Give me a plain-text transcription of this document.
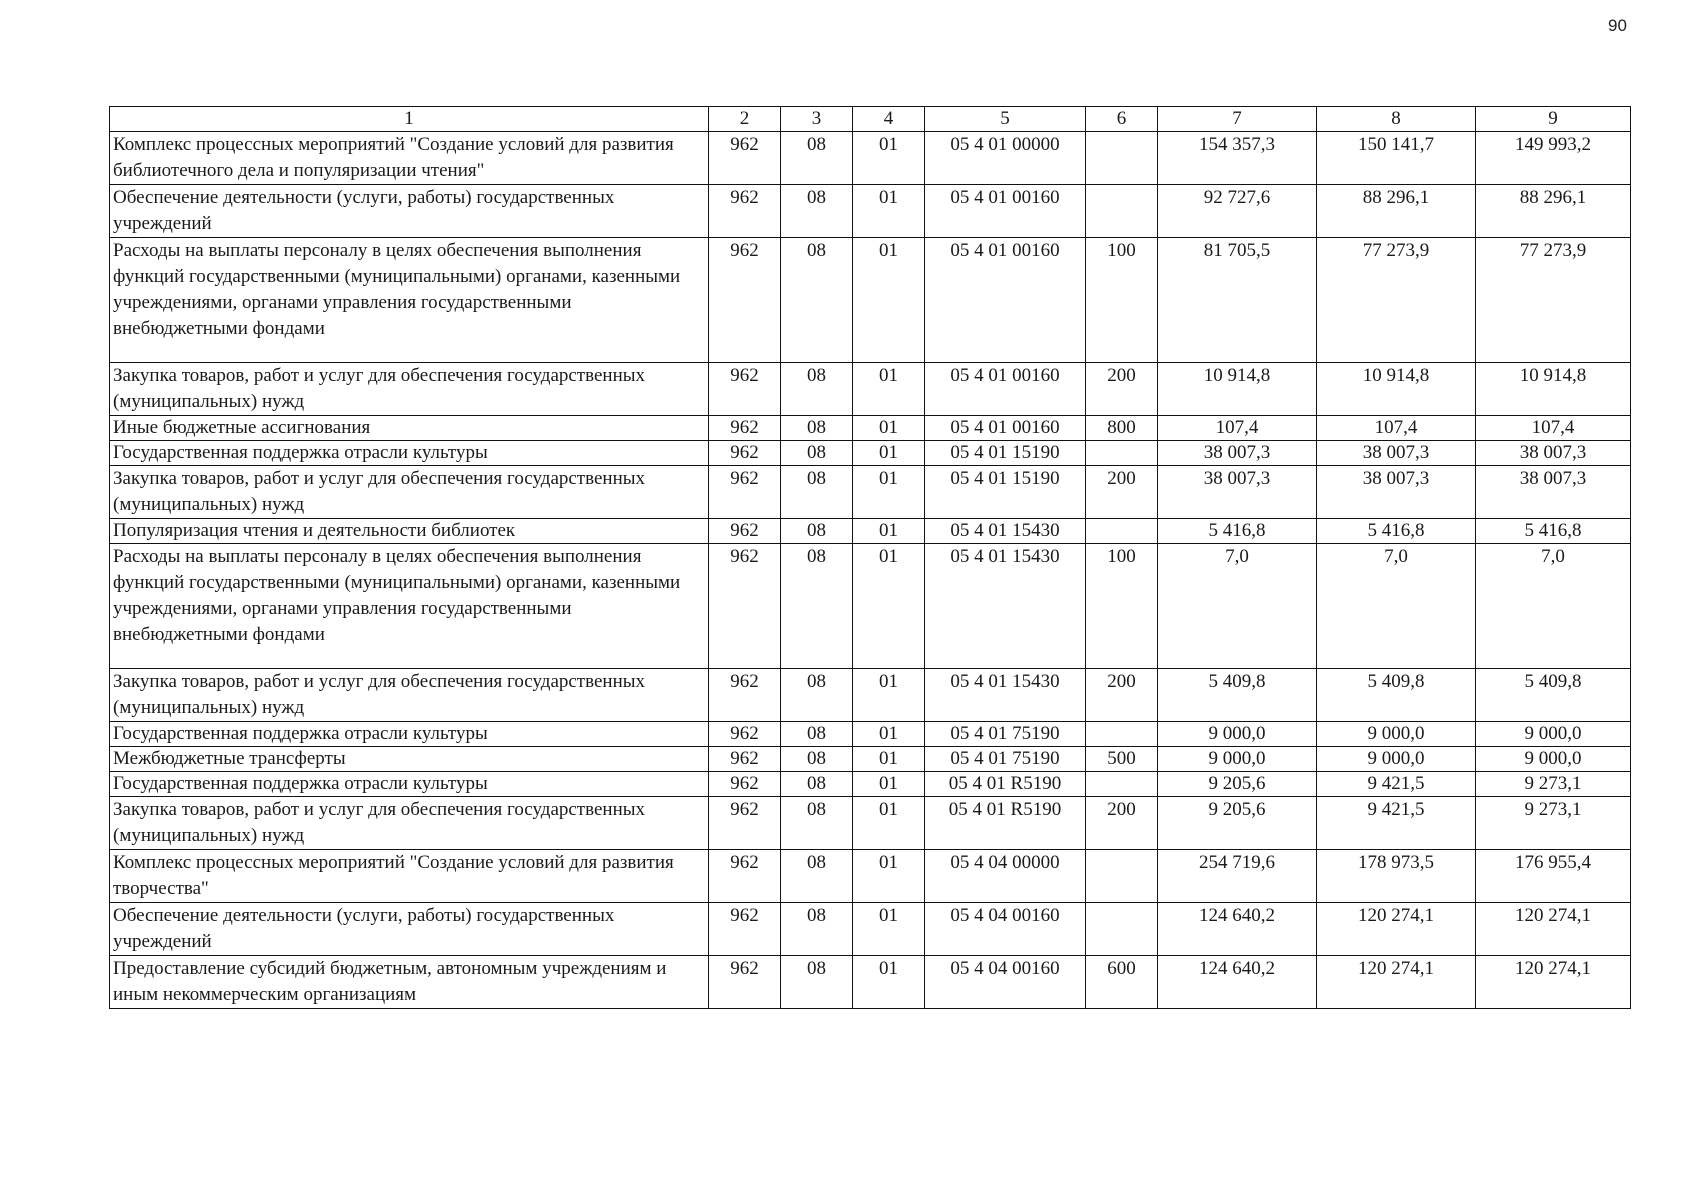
90
1	2	3	4	5	6	7	8	9
Комплекс процессных мероприятий "Создание условий для развития библиотечного дела и популяризации чтения"	962	08	01	05 4 01 00000		154 357,3	150 141,7	149 993,2
Обеспечение деятельности (услуги, работы) государственных учреждений	962	08	01	05 4 01 00160		92 727,6	88 296,1	88 296,1
Расходы на выплаты персоналу в целях обеспечения выполнения функций государственными (муниципальными) органами, казенными учреждениями, органами управления государственными внебюджетными фондами	962	08	01	05 4 01 00160	100	81 705,5	77 273,9	77 273,9
Закупка товаров, работ и услуг для обеспечения государственных (муниципальных) нужд	962	08	01	05 4 01 00160	200	10 914,8	10 914,8	10 914,8
Иные бюджетные ассигнования	962	08	01	05 4 01 00160	800	107,4	107,4	107,4
Государственная поддержка отрасли культуры	962	08	01	05 4 01 15190		38 007,3	38 007,3	38 007,3
Закупка товаров, работ и услуг для обеспечения государственных (муниципальных) нужд	962	08	01	05 4 01 15190	200	38 007,3	38 007,3	38 007,3
Популяризация чтения и деятельности библиотек	962	08	01	05 4 01 15430		5 416,8	5 416,8	5 416,8
Расходы на выплаты персоналу в целях обеспечения выполнения функций государственными (муниципальными) органами, казенными учреждениями, органами управления государственными внебюджетными фондами	962	08	01	05 4 01 15430	100	7,0	7,0	7,0
Закупка товаров, работ и услуг для обеспечения государственных (муниципальных) нужд	962	08	01	05 4 01 15430	200	5 409,8	5 409,8	5 409,8
Государственная поддержка отрасли культуры	962	08	01	05 4 01 75190		9 000,0	9 000,0	9 000,0
Межбюджетные трансферты	962	08	01	05 4 01 75190	500	9 000,0	9 000,0	9 000,0
Государственная поддержка отрасли культуры	962	08	01	05 4 01 R5190		9 205,6	9 421,5	9 273,1
Закупка товаров, работ и услуг для обеспечения государственных (муниципальных) нужд	962	08	01	05 4 01 R5190	200	9 205,6	9 421,5	9 273,1
Комплекс процессных мероприятий "Создание условий для развития творчества"	962	08	01	05 4 04 00000		254 719,6	178 973,5	176 955,4
Обеспечение деятельности (услуги, работы) государственных учреждений	962	08	01	05 4 04 00160		124 640,2	120 274,1	120 274,1
Предоставление субсидий бюджетным, автономным учреждениям и иным некоммерческим организациям	962	08	01	05 4 04 00160	600	124 640,2	120 274,1	120 274,1
